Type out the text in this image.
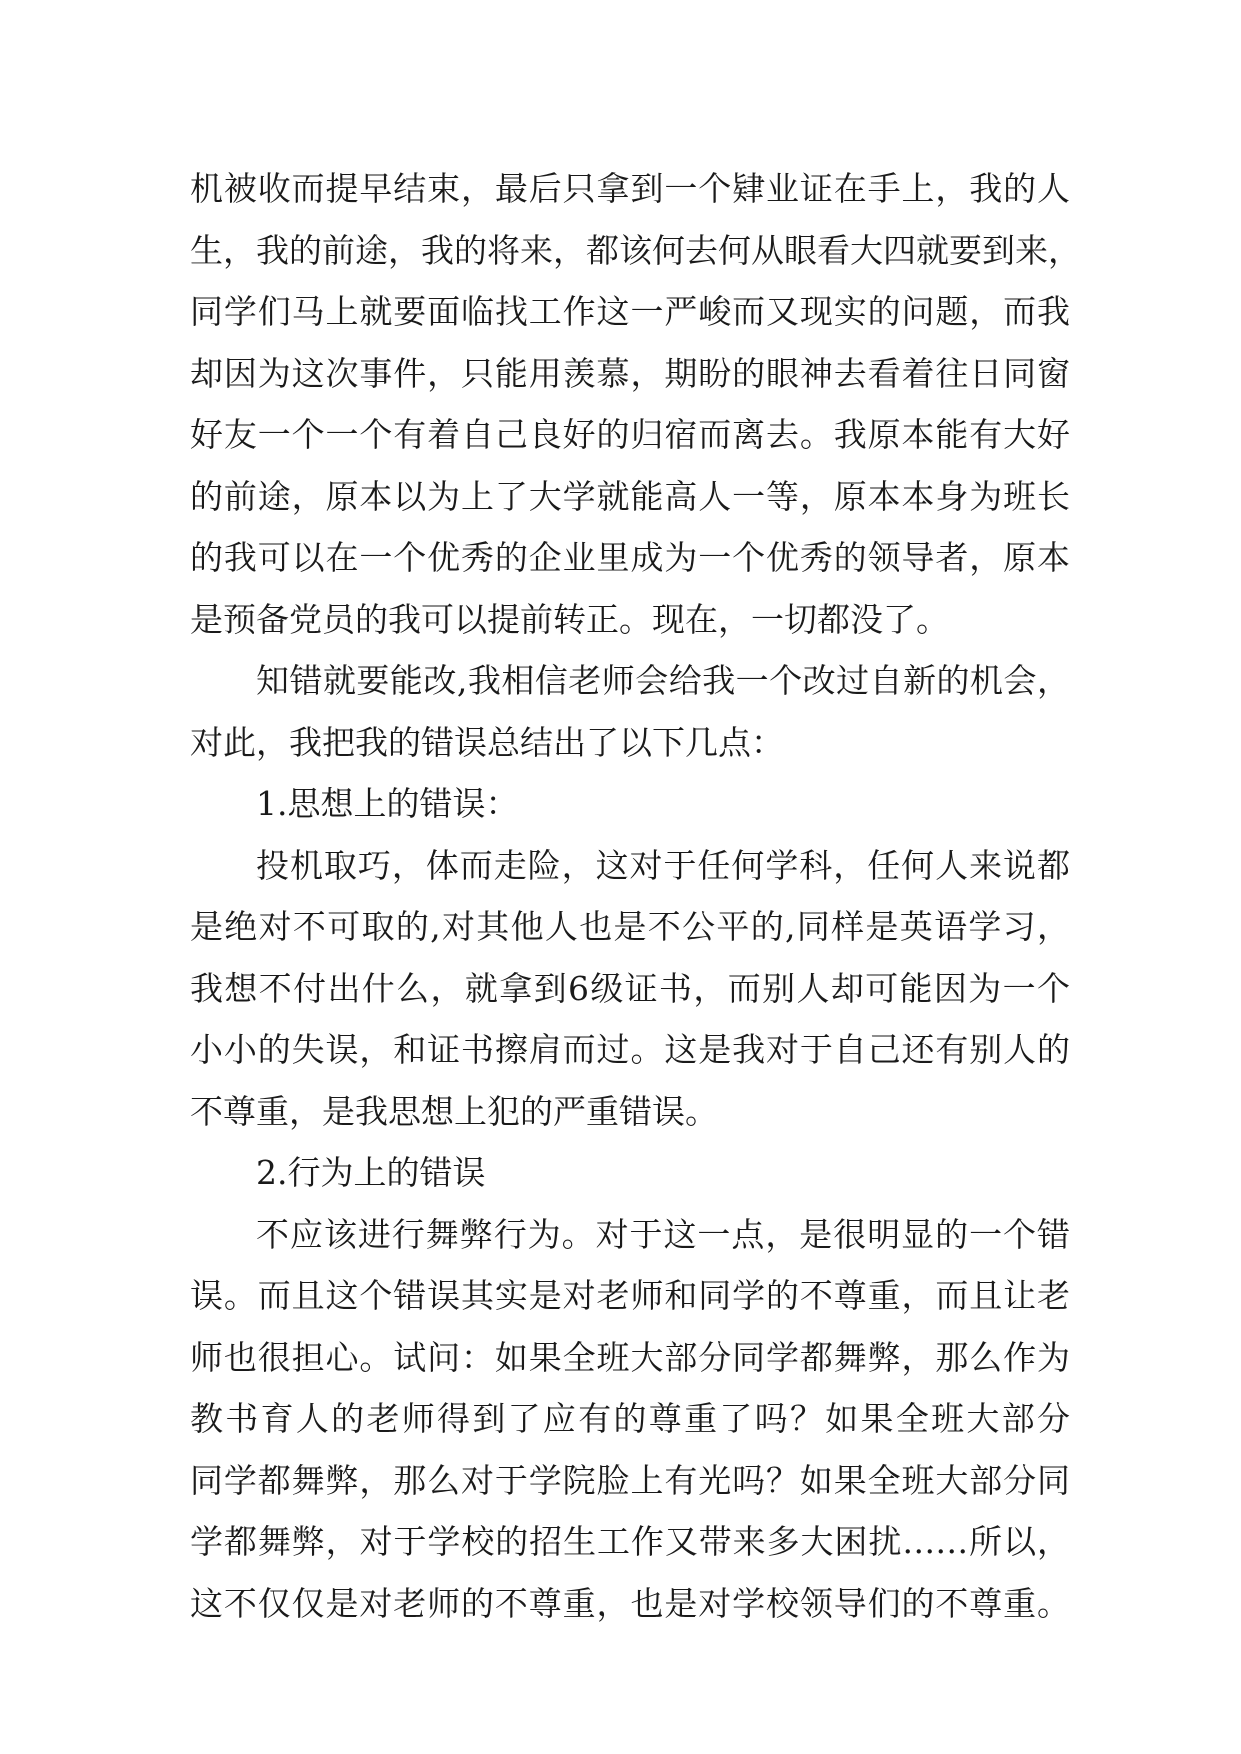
机被收而提早结束，最后只拿到一个肄业证在手上，我的人
生，我的前途，我的将来，都该何去何从眼看大四就要到来，
同学们马上就要面临找工作这一严峻而又现实的问题，而我
却因为这次事件，只能用羡慕，期盼的眼神去看着往日同窗
好友一个一个有着自己良好的归宿而离去。我原本能有大好
的前途，原本以为上了大学就能高人一等，原本本身为班长
的我可以在一个优秀的企业里成为一个优秀的领导者，原本
是预备党员的我可以提前转正。现在，一切都没了。
知错就要能改,我相信老师会给我一个改过自新的机会，
对此，我把我的错误总结出了以下几点：
1.思想上的错误：
投机取巧，体而走险，这对于任何学科，任何人来说都
是绝对不可取的,对其他人也是不公平的,同样是英语学习，
我想不付出什么，就拿到6级证书，而别人却可能因为一个
小小的失误，和证书擦肩而过。这是我对于自己还有别人的
不尊重，是我思想上犯的严重错误。
2.行为上的错误
不应该进行舞弊行为。对于这一点，是很明显的一个错
误。而且这个错误其实是对老师和同学的不尊重，而且让老
师也很担心。试问：如果全班大部分同学都舞弊，那么作为
教书育人的老师得到了应有的尊重了吗？如果全班大部分
同学都舞弊，那么对于学院脸上有光吗？如果全班大部分同
学都舞弊，对于学校的招生工作又带来多大困扰……所以，
这不仅仅是对老师的不尊重，也是对学校领导们的不尊重。
